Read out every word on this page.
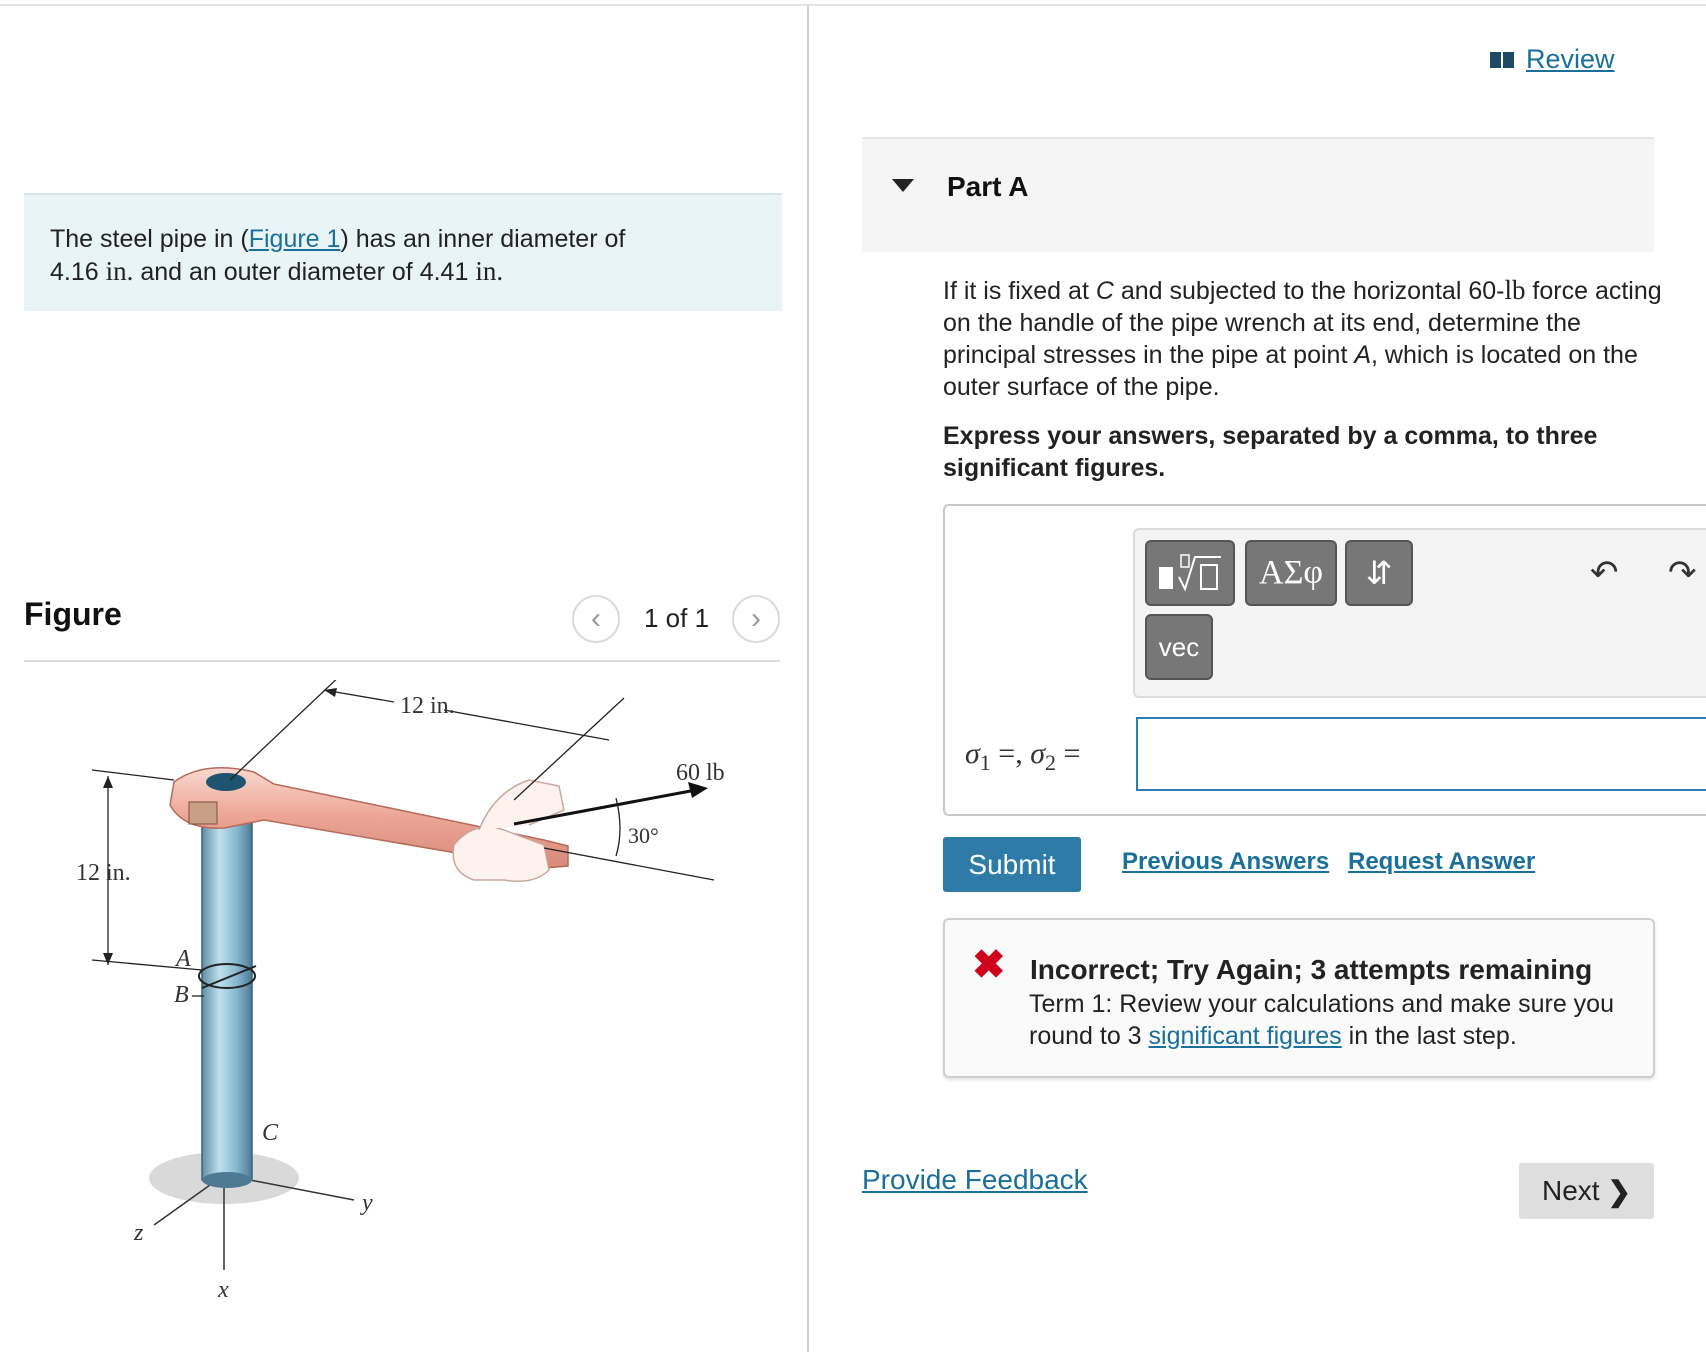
The steel pipe in (Figure 1) has an inner diameter of
4.16 in. and an outer diameter of 4.41 in.
Figure	‹ 1 of 1 ›
z
y
x
12 in.
A
B
C
12 in.
60 lb
30°
Review
Part A
If it is fixed at C and subjected to the horizontal 60-lb force acting on the handle of the pipe wrench at its end, determine the principal stresses in the pipe at point A, which is located on the outer surface of the pipe.
Express your answers, separated by a comma, to three significant figures.
ΑΣφ	⇵
vec
↶ ↷
$\sigma_1$ =, $\sigma_2$ =
Submit	Previous Answers Request Answer
✖ Incorrect; Try Again; 3 attempts remaining
Term 1: Review your calculations and make sure you round to 3 significant figures in the last step.
Provide Feedback	Next ❯
